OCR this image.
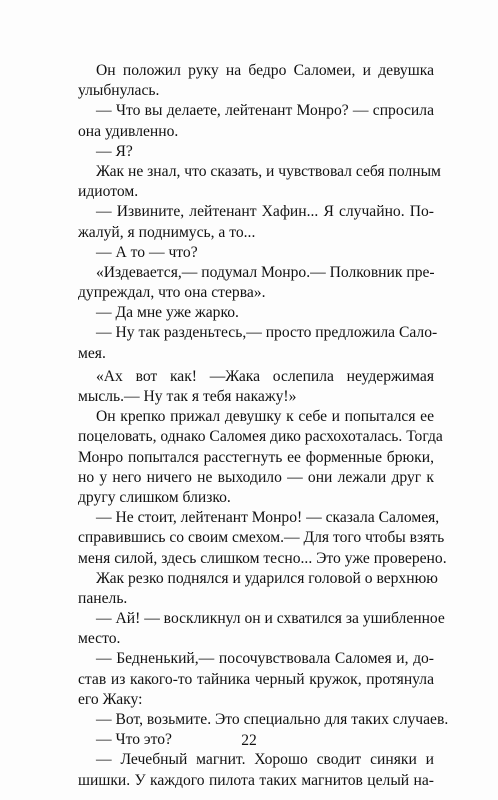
Он положил руку на бедро Саломеи, и девушка
улыбнулась.
— Что вы делаете, лейтенант Монро? — спросила
она удивленно.
— Я?
Жак не знал, что сказать, и чувствовал себя полным
идиотом.
— Извините, лейтенант Хафин... Я случайно. По-
жалуй, я поднимусь, а то...
— А то — что?
«Издевается,— подумал Монро.— Полковник пре-
дупреждал, что она стерва».
— Да мне уже жарко.
— Ну так разденьтесь,— просто предложила Сало-
мея.
«Ах вот как! —Жака ослепила неудержимая
мысль.— Ну так я тебя накажу!»
Он крепко прижал девушку к себе и попытался ее
поцеловать, однако Саломея дико расхохоталась. Тогда
Монро попытался расстегнуть ее форменные брюки,
но у него ничего не выходило — они лежали друг к
другу слишком близко.
— Не стоит, лейтенант Монро! — сказала Саломея,
справившись со своим смехом.— Для того чтобы взять
меня силой, здесь слишком тесно... Это уже проверено.
Жак резко поднялся и ударился головой о верхнюю
панель.
— Ай! — воскликнул он и схватился за ушибленное
место.
— Бедненький,— посочувствовала Саломея и, до-
став из какого-то тайника черный кружок, протянула
его Жаку:
— Вот, возьмите. Это специально для таких случаев.
— Что это?
— Лечебный магнит. Хорошо сводит синяки и
шишки. У каждого пилота таких магнитов целый на-
22
